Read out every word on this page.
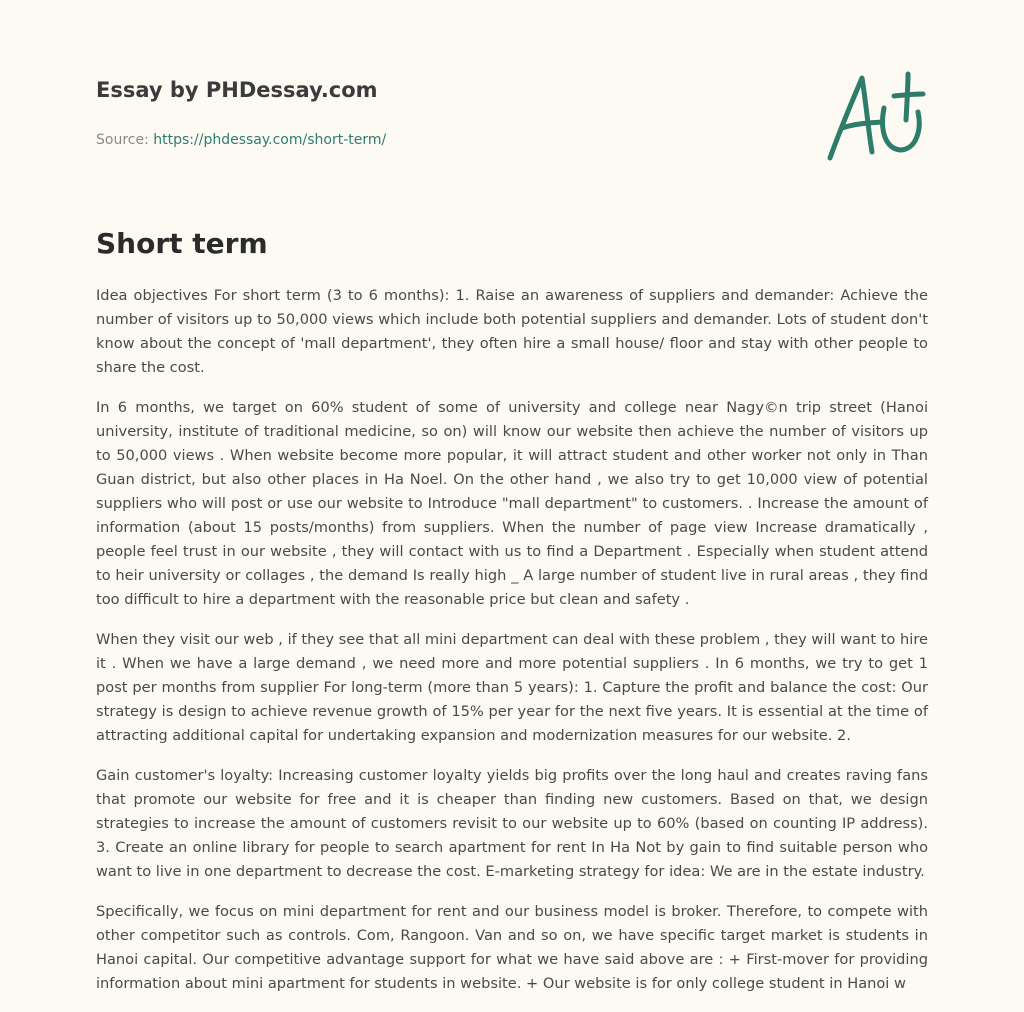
Essay by PHDessay.com
Source: https://phdessay.com/short-term/
Short term

Idea objectives For short term (3 to 6 months): 1. Raise an awareness of suppliers and demander: Achieve the number of visitors up to 50,000 views which include both potential suppliers and demander. Lots of student don't know about the concept of 'mall department', they often hire a small house/ floor and stay with other people to share the cost.

In 6 months, we target on 60% student of some of university and college near Nagy©n trip street (Hanoi university, institute of traditional medicine, so on) will know our website then achieve the number of visitors up to 50,000 views . When website become more popular, it will attract student and other worker not only in Than Guan district, but also other places in Ha Noel. On the other hand , we also try to get 10,000 view of potential suppliers who will post or use our website to Introduce "mall department" to customers. . Increase the amount of information (about 15 posts/months) from suppliers. When the number of page view Increase dramatically , people feel trust in our website , they will contact with us to find a Department . Especially when student attend to heir university or collages , the demand Is really high _ A large number of student live in rural areas , they find too difficult to hire a department with the reasonable price but clean and safety .

When they visit our web , if they see that all mini department can deal with these problem , they will want to hire it . When we have a large demand , we need more and more potential suppliers . In 6 months, we try to get 1 post per months from supplier For long-term (more than 5 years): 1. Capture the profit and balance the cost: Our strategy is design to achieve revenue growth of 15% per year for the next five years. It is essential at the time of attracting additional capital for undertaking expansion and modernization measures for our website. 2.

Gain customer's loyalty: Increasing customer loyalty yields big profits over the long haul and creates raving fans that promote our website for free and it is cheaper than finding new customers. Based on that, we design strategies to increase the amount of customers revisit to our website up to 60% (based on counting IP address). 3. Create an online library for people to search apartment for rent In Ha Not by gain to find suitable person who want to live in one department to decrease the cost. E-marketing strategy for idea: We are in the estate industry.

Specifically, we focus on mini department for rent and our business model is broker. Therefore, to compete with other competitor such as controls. Com, Rangoon. Van and so on, we have specific target market is students in Hanoi capital. Our competitive advantage support for what we have said above are : + First-mover for providing information about mini apartment for students in website. + Our website is for only college student in Hanoi w
